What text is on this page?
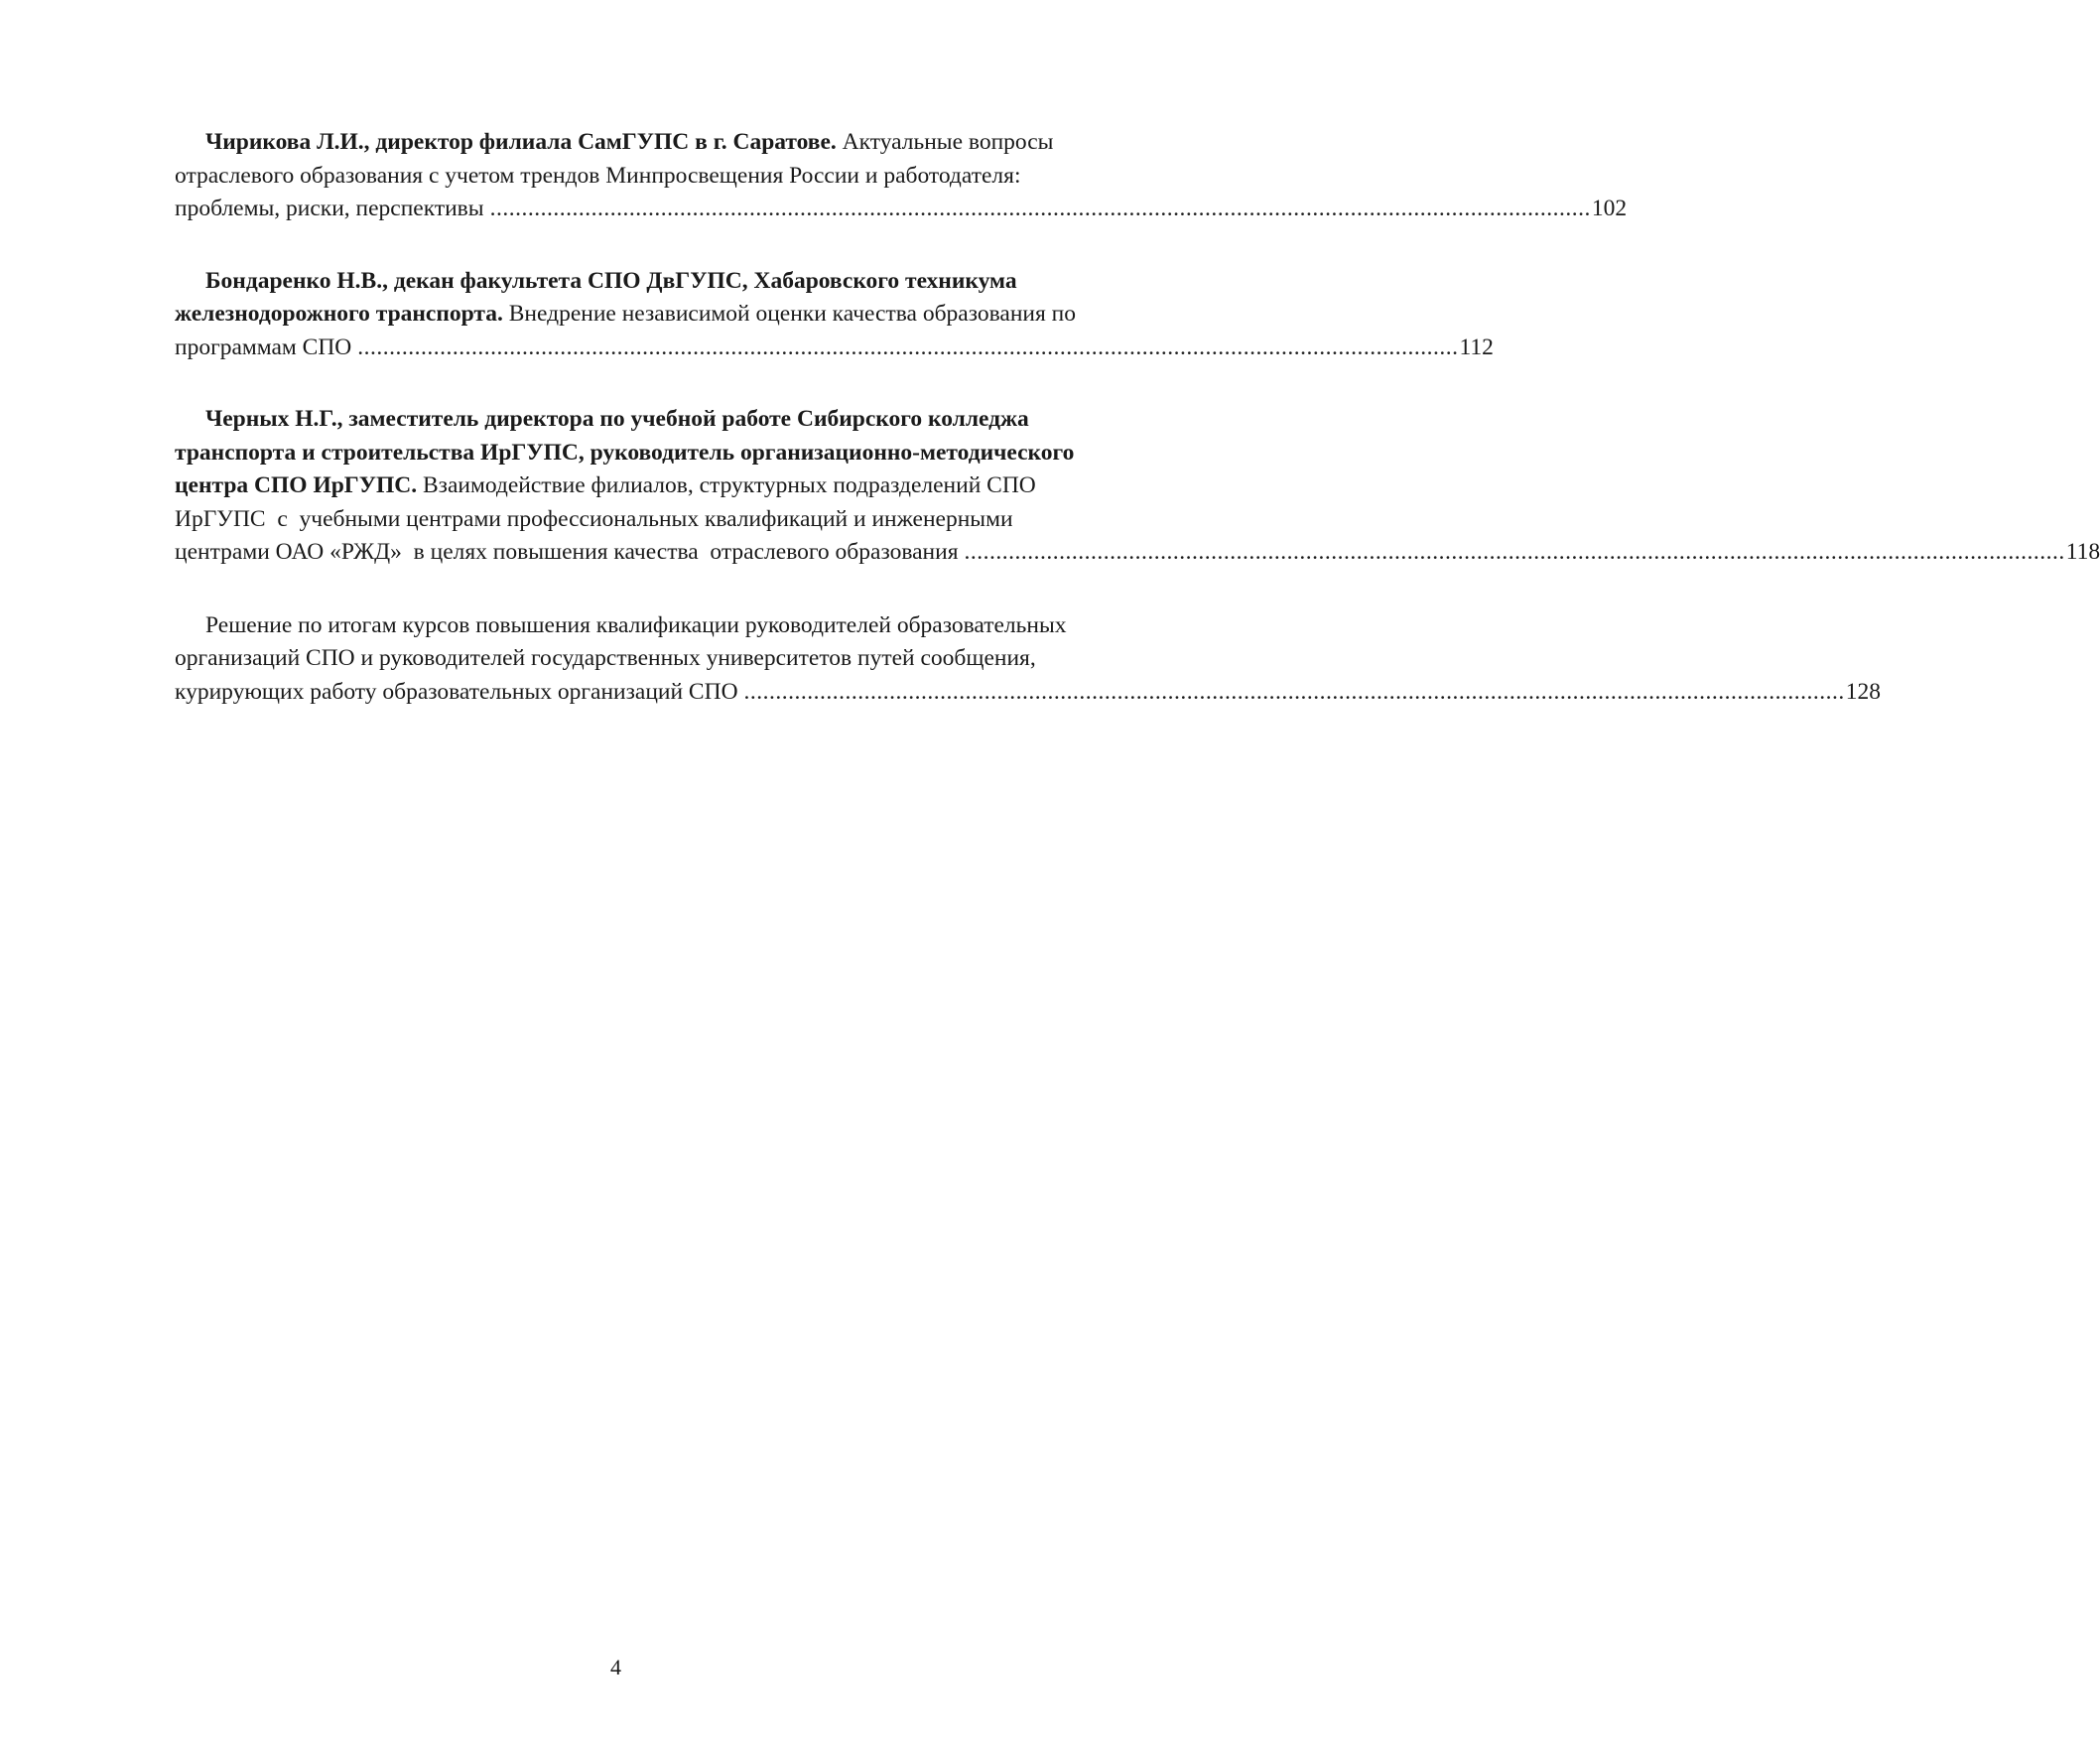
Чирикова Л.И., директор филиала СамГУПС в г. Саратове. Актуальные вопросы
отраслевого образования с учетом трендов Минпросвещения России и работодателя:
проблемы, риски, перспективы .............................................................................................................................................................................. 102
Бондаренко Н.В., декан факультета СПО ДвГУПС, Хабаровского техникума
железнодорожного транспорта. Внедрение независимой оценки качества образования по
программам СПО .............................................................................................................................................................................. 112
Черных Н.Г., заместитель директора по учебной работе Сибирского колледжа
транспорта и строительства ИрГУПС, руководитель организационно-методического
центра СПО ИрГУПС. Взаимодействие филиалов, структурных подразделений СПО
ИрГУПС  с  учебными центрами профессиональных квалификаций и инженерными
центрами ОАО «РЖД»  в целях повышения качества  отраслевого образования .............................................................................................................................................................................. 118
Решение по итогам курсов повышения квалификации руководителей образовательных
организаций СПО и руководителей государственных университетов путей сообщения,
курирующих работу образовательных организаций СПО .............................................................................................................................................................................. 128
4
